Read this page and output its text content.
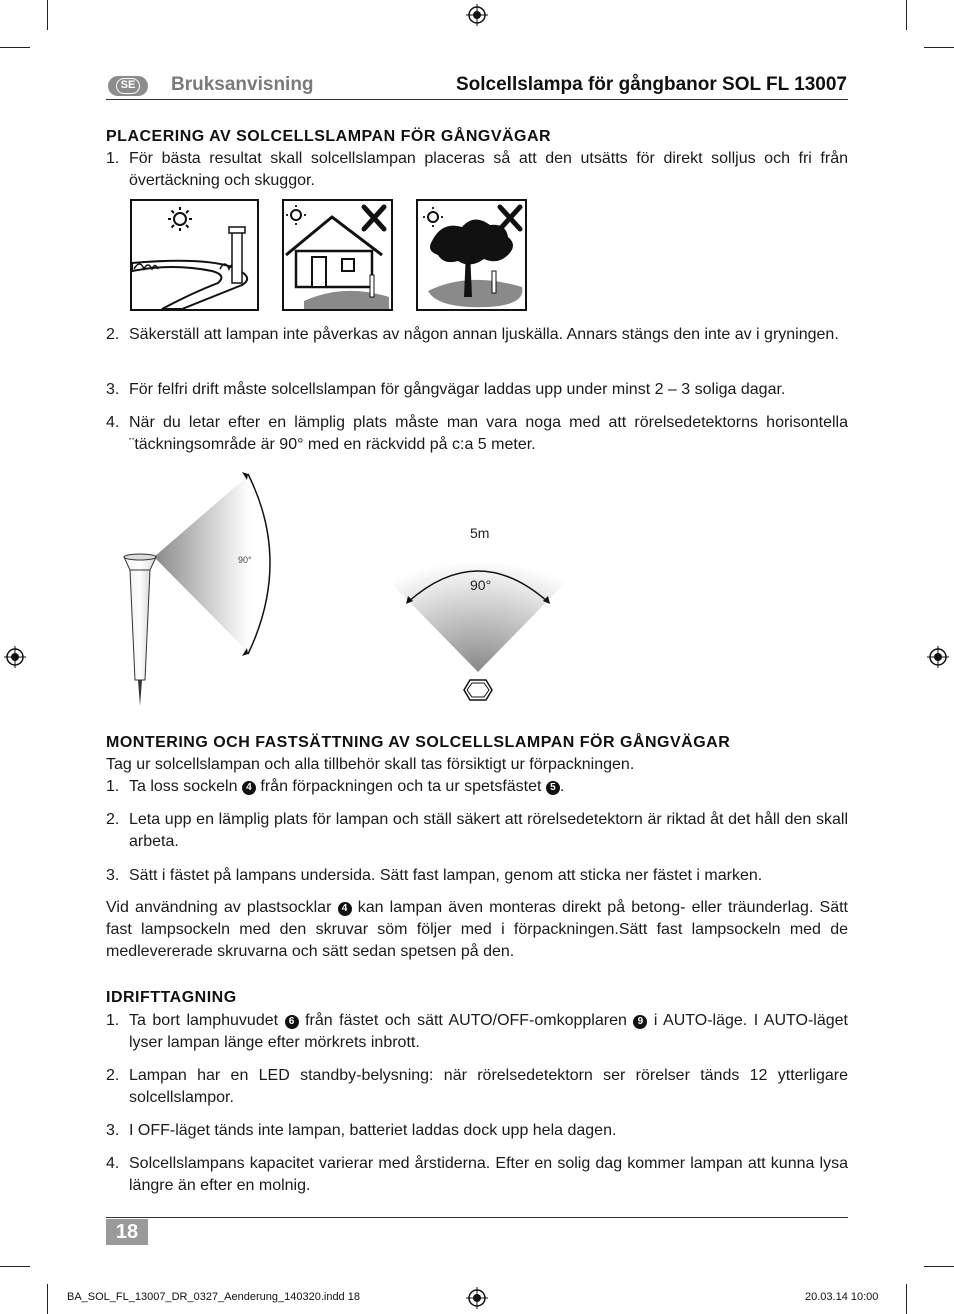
SE Bruksanvisning	Solcellslampa för gångbanor SOL FL 13007
PLACERING AV SOLCELLSLAMPAN FÖR GÅNGVÄGAR
1. För bästa resultat skall solcellslampan placeras så att den utsätts för direkt solljus och fri från övertäckning och skuggor.
2. Säkerställ att lampan inte påverkas av någon annan ljuskälla. Annars stängs den inte av i gryningen.
3. För felfri drift måste solcellslampan för gångvägar laddas upp under minst 2 – 3 soliga dagar.
4. När du letar efter en lämplig plats måste man vara noga med att rörelsedetektorns horisontella ¨täckningsområde är 90° med en räckvidd på c:a 5 meter.
90°
5m
90°
MONTERING OCH FASTSÄTTNING AV SOLCELLSLAMPAN FÖR GÅNGVÄGAR
Tag ur solcellslampan och alla tillbehör skall tas försiktigt ur förpackningen.
1. Ta loss sockeln 4 från förpackningen och ta ur spetsfästet 5 .
2. Leta upp en lämplig plats för lampan och ställ säkert att rörelsedetektorn är riktad åt det håll den skall arbeta.
3. Sätt i fästet på lampans undersida. Sätt fast lampan, genom att sticka ner fästet i marken.
Vid användning av plastsocklar 4 kan lampan även monteras direkt på betong- eller träunderlag. Sätt fast lampsockeln med den skruvar söm följer med i förpackningen.Sätt fast lampsockeln med de medlevererade skruvarna och sätt sedan spetsen på den.
IDRIFTTAGNING
1. Ta bort lamphuvudet 6 från fästet och sätt AUTO/OFF-omkopplaren 9 i AUTO-läge. I AUTO-läget lyser lampan länge efter mörkrets inbrott.
2. Lampan har en LED standby-belysning: när rörelsedetektorn ser rörelser tänds 12 ytterligare solcellslampor.
3. I OFF-läget tänds inte lampan, batteriet laddas dock upp hela dagen.
4. Solcellslampans kapacitet varierar med årstiderna. Efter en solig dag kommer lampan att kunna lysa längre än efter en molnig.
18
BA_SOL_FL_13007_DR_0327_Aenderung_140320.indd 18	20.03.14 10:00
